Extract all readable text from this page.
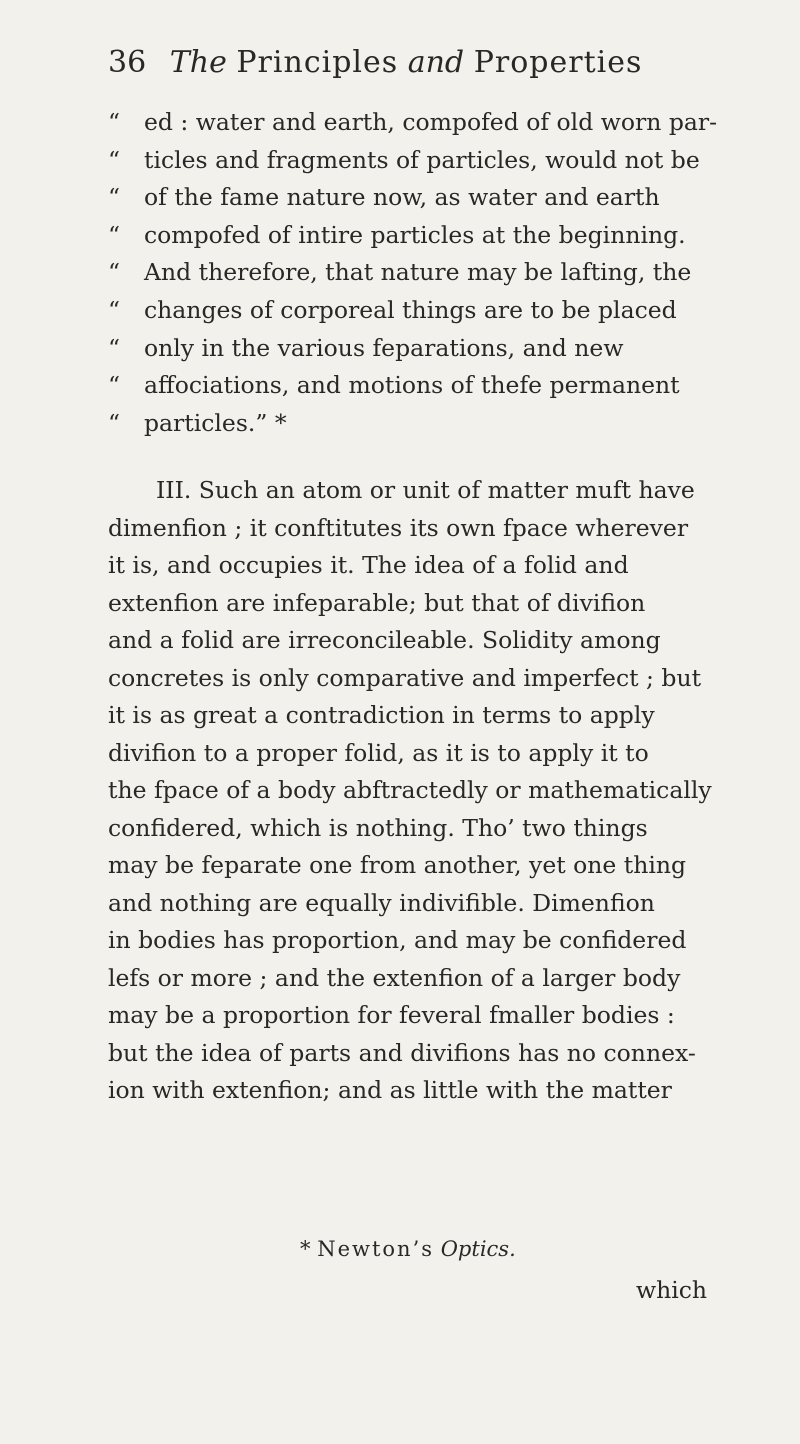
36 The Principles and Properties
“ ed : water and earth, compofed of old worn par-
“ ticles and fragments of particles, would not be
“ of the fame nature now, as water and earth
“ compofed of intire particles at the beginning.
“ And therefore, that nature may be lafting, the
“ changes of corporeal things are to be placed
“ only in the various feparations, and new
“ affociations, and motions of thefe permanent
“ particles.” *
III. Such an atom or unit of matter muft have
dimenfion ; it conftitutes its own fpace wherever
it is, and occupies it. The idea of a folid and
extenfion are infeparable; but that of divifion
and a folid are irreconcileable. Solidity among
concretes is only comparative and imperfect ; but
it is as great a contradiction in terms to apply
divifion to a proper folid, as it is to apply it to
the fpace of a body abftractedly or mathematically
confidered, which is nothing. Tho’ two things
may be feparate one from another, yet one thing
and nothing are equally indivifible. Dimenfion
in bodies has proportion, and may be confidered
lefs or more ; and the extenfion of a larger body
may be a proportion for feveral fmaller bodies :
but the idea of parts and divifions has no connex-
ion with extenfion; and as little with the matter
* Newton’s Optics.
which
